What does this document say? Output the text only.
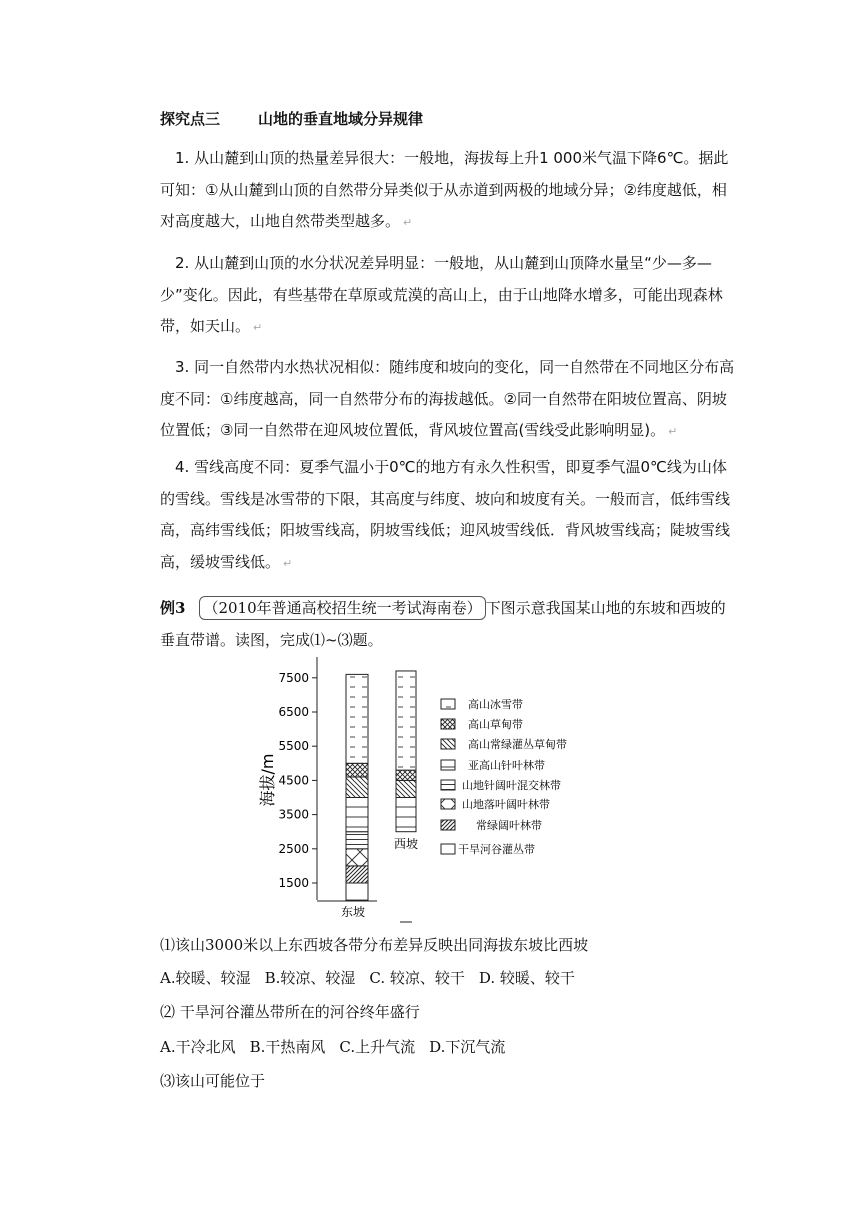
探究点三	山地的垂直地域分异规律
1. 从山麓到山顶的热量差异很大：一般地，海拔每上升1 000米气温下降6℃。据此可知：①从山麓到山顶的自然带分异类似于从赤道到两极的地域分异；②纬度越低，相对高度越大，山地自然带类型越多。 ↵
2. 从山麓到山顶的水分状况差异明显：一般地，从山麓到山顶降水量呈“少—多—少”变化。因此，有些基带在草原或荒漠的高山上，由于山地降水增多，可能出现森林带，如天山。 ↵
3. 同一自然带内水热状况相似：随纬度和坡向的变化，同一自然带在不同地区分布高度不同：①纬度越高，同一自然带分布的海拔越低。②同一自然带在阳坡位置高、阴坡位置低；③同一自然带在迎风坡位置低，背风坡位置高(雪线受此影响明显)。 ↵
4. 雪线高度不同：夏季气温小于0℃的地方有永久性积雪，即夏季气温0℃线为山体的雪线。雪线是冰雪带的下限，其高度与纬度、坡向和坡度有关。一般而言，低纬雪线高，高纬雪线低；阳坡雪线高，阴坡雪线低；迎风坡雪线低．背风坡雪线高；陡坡雪线高，缓坡雪线低。 ↵
例3 （2010年普通高校招生统一考试海南卷） 下图示意我国某山地的东坡和西坡的垂直带谱。读图，完成⑴~⑶题。
海拔/m
7500
6500
5500
4500
3500
2500
1500
东坡
西坡
高山冰雪带
高山草甸带
高山常绿灌丛草甸带
亚高山针叶林带
山地针阔叶混交林带
山地落叶阔叶林带
常绿阔叶林带
干旱河谷灌丛带
⑴该山3000米以上东西坡各带分布差异反映出同海拔东坡比西坡
A.较暖、较湿 B.较凉、较湿 C. 较凉、较干 D. 较暖、较干
⑵ 干旱河谷灌丛带所在的河谷终年盛行
A.干冷北风 B.干热南风 C.上升气流 D.下沉气流
⑶该山可能位于
